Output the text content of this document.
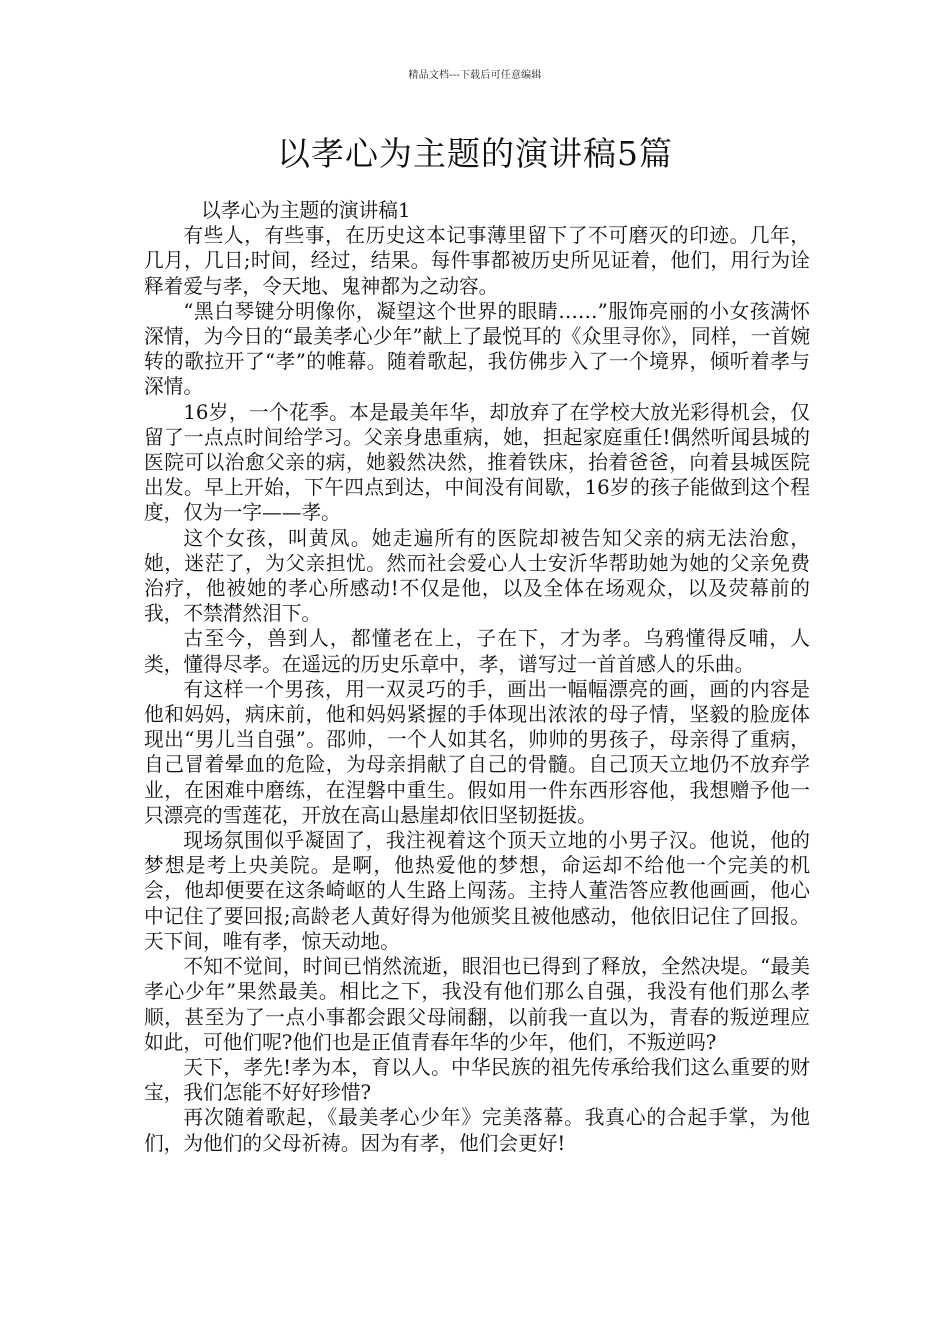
精品文档---下载后可任意编辑
以孝心为主题的演讲稿5篇

以孝心为主题的演讲稿1

有些人，有些事，在历史这本记事薄里留下了不可磨灭的印迹。几年，几月，几日;时间，经过，结果。每件事都被历史所见证着，他们，用行为诠释着爱与孝，令天地、鬼神都为之动容。

“黑白琴键分明像你，凝望这个世界的眼睛……”服饰亮丽的小女孩满怀深情，为今日的“最美孝心少年”献上了最悦耳的《众里寻你》，同样，一首婉转的歌拉开了“孝”的帷幕。随着歌起，我仿佛步入了一个境界，倾听着孝与深情。

16岁，一个花季。本是最美年华，却放弃了在学校大放光彩得机会，仅留了一点点时间给学习。父亲身患重病，她，担起家庭重任!偶然听闻县城的医院可以治愈父亲的病，她毅然决然，推着铁床，抬着爸爸，向着县城医院出发。早上开始，下午四点到达，中间没有间歇，16岁的孩子能做到这个程度，仅为一字——孝。

这个女孩，叫黄凤。她走遍所有的医院却被告知父亲的病无法治愈，她，迷茫了，为父亲担忧。然而社会爱心人士安沂华帮助她为她的父亲免费治疗，他被她的孝心所感动!不仅是他，以及全体在场观众，以及荧幕前的我，不禁潸然泪下。

古至今，兽到人，都懂老在上，子在下，才为孝。乌鸦懂得反哺，人类，懂得尽孝。在遥远的历史乐章中，孝，谱写过一首首感人的乐曲。

有这样一个男孩，用一双灵巧的手，画出一幅幅漂亮的画，画的内容是他和妈妈，病床前，他和妈妈紧握的手体现出浓浓的母子情，坚毅的脸庞体现出“男儿当自强”。邵帅，一个人如其名，帅帅的男孩子，母亲得了重病，自己冒着晕血的危险，为母亲捐献了自己的骨髓。自己顶天立地仍不放弃学业，在困难中磨练，在涅磐中重生。假如用一件东西形容他，我想赠予他一只漂亮的雪莲花，开放在高山悬崖却依旧坚韧挺拔。

现场氛围似乎凝固了，我注视着这个顶天立地的小男子汉。他说，他的梦想是考上央美院。是啊，他热爱他的梦想，命运却不给他一个完美的机会，他却便要在这条崎岖的人生路上闯荡。主持人董浩答应教他画画，他心中记住了要回报;高龄老人黄好得为他颁奖且被他感动，他依旧记住了回报。天下间，唯有孝，惊天动地。

不知不觉间，时间已悄然流逝，眼泪也已得到了释放，全然决堤。“最美孝心少年”果然最美。相比之下，我没有他们那么自强，我没有他们那么孝顺，甚至为了一点小事都会跟父母闹翻，以前我一直以为，青春的叛逆理应如此，可他们呢?他们也是正值青春年华的少年，他们，不叛逆吗?

天下，孝先!孝为本，育以人。中华民族的祖先传承给我们这么重要的财宝，我们怎能不好好珍惜?

再次随着歌起，《最美孝心少年》完美落幕。我真心的合起手掌，为他们，为他们的父母祈祷。因为有孝，他们会更好!
